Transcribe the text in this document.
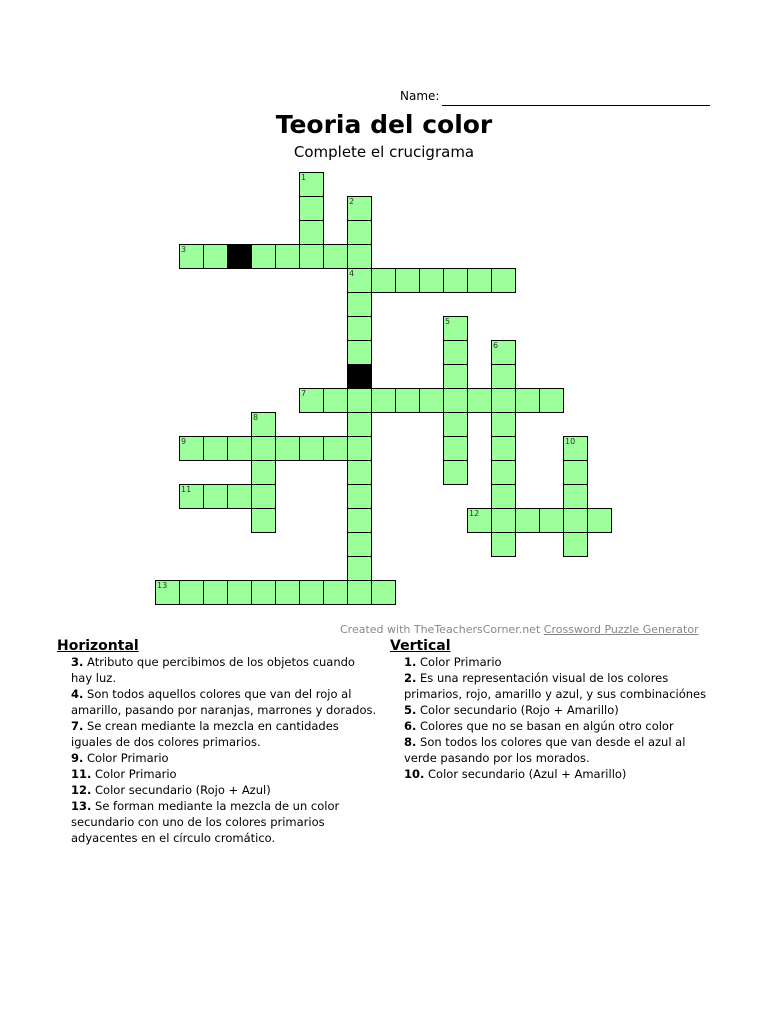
Name:
Teoria del color
Complete el crucigrama
1
2
3
4
5
6
7
8
9	10
11
12
13
Created with TheTeachersCorner.net Crossword Puzzle Generator
Horizontal
3. Atributo que percibimos de los objetos cuando hay luz.
4. Son todos aquellos colores que van del rojo al amarillo, pasando por naranjas, marrones y dorados.
7. Se crean mediante la mezcla en cantidades iguales de dos colores primarios.
9. Color Primario
11. Color Primario
12. Color secundario (Rojo + Azul)
13. Se forman mediante la mezcla de un color secundario con uno de los colores primarios adyacentes en el círculo cromático.
Vertical
1. Color Primario
2. Es una representación visual de los colores primarios, rojo, amarillo y azul, y sus combinaciónes
5. Color secundario (Rojo + Amarillo)
6. Colores que no se basan en algún otro color
8. Son todos los colores que van desde el azul al verde pasando por los morados.
10. Color secundario (Azul + Amarillo)
